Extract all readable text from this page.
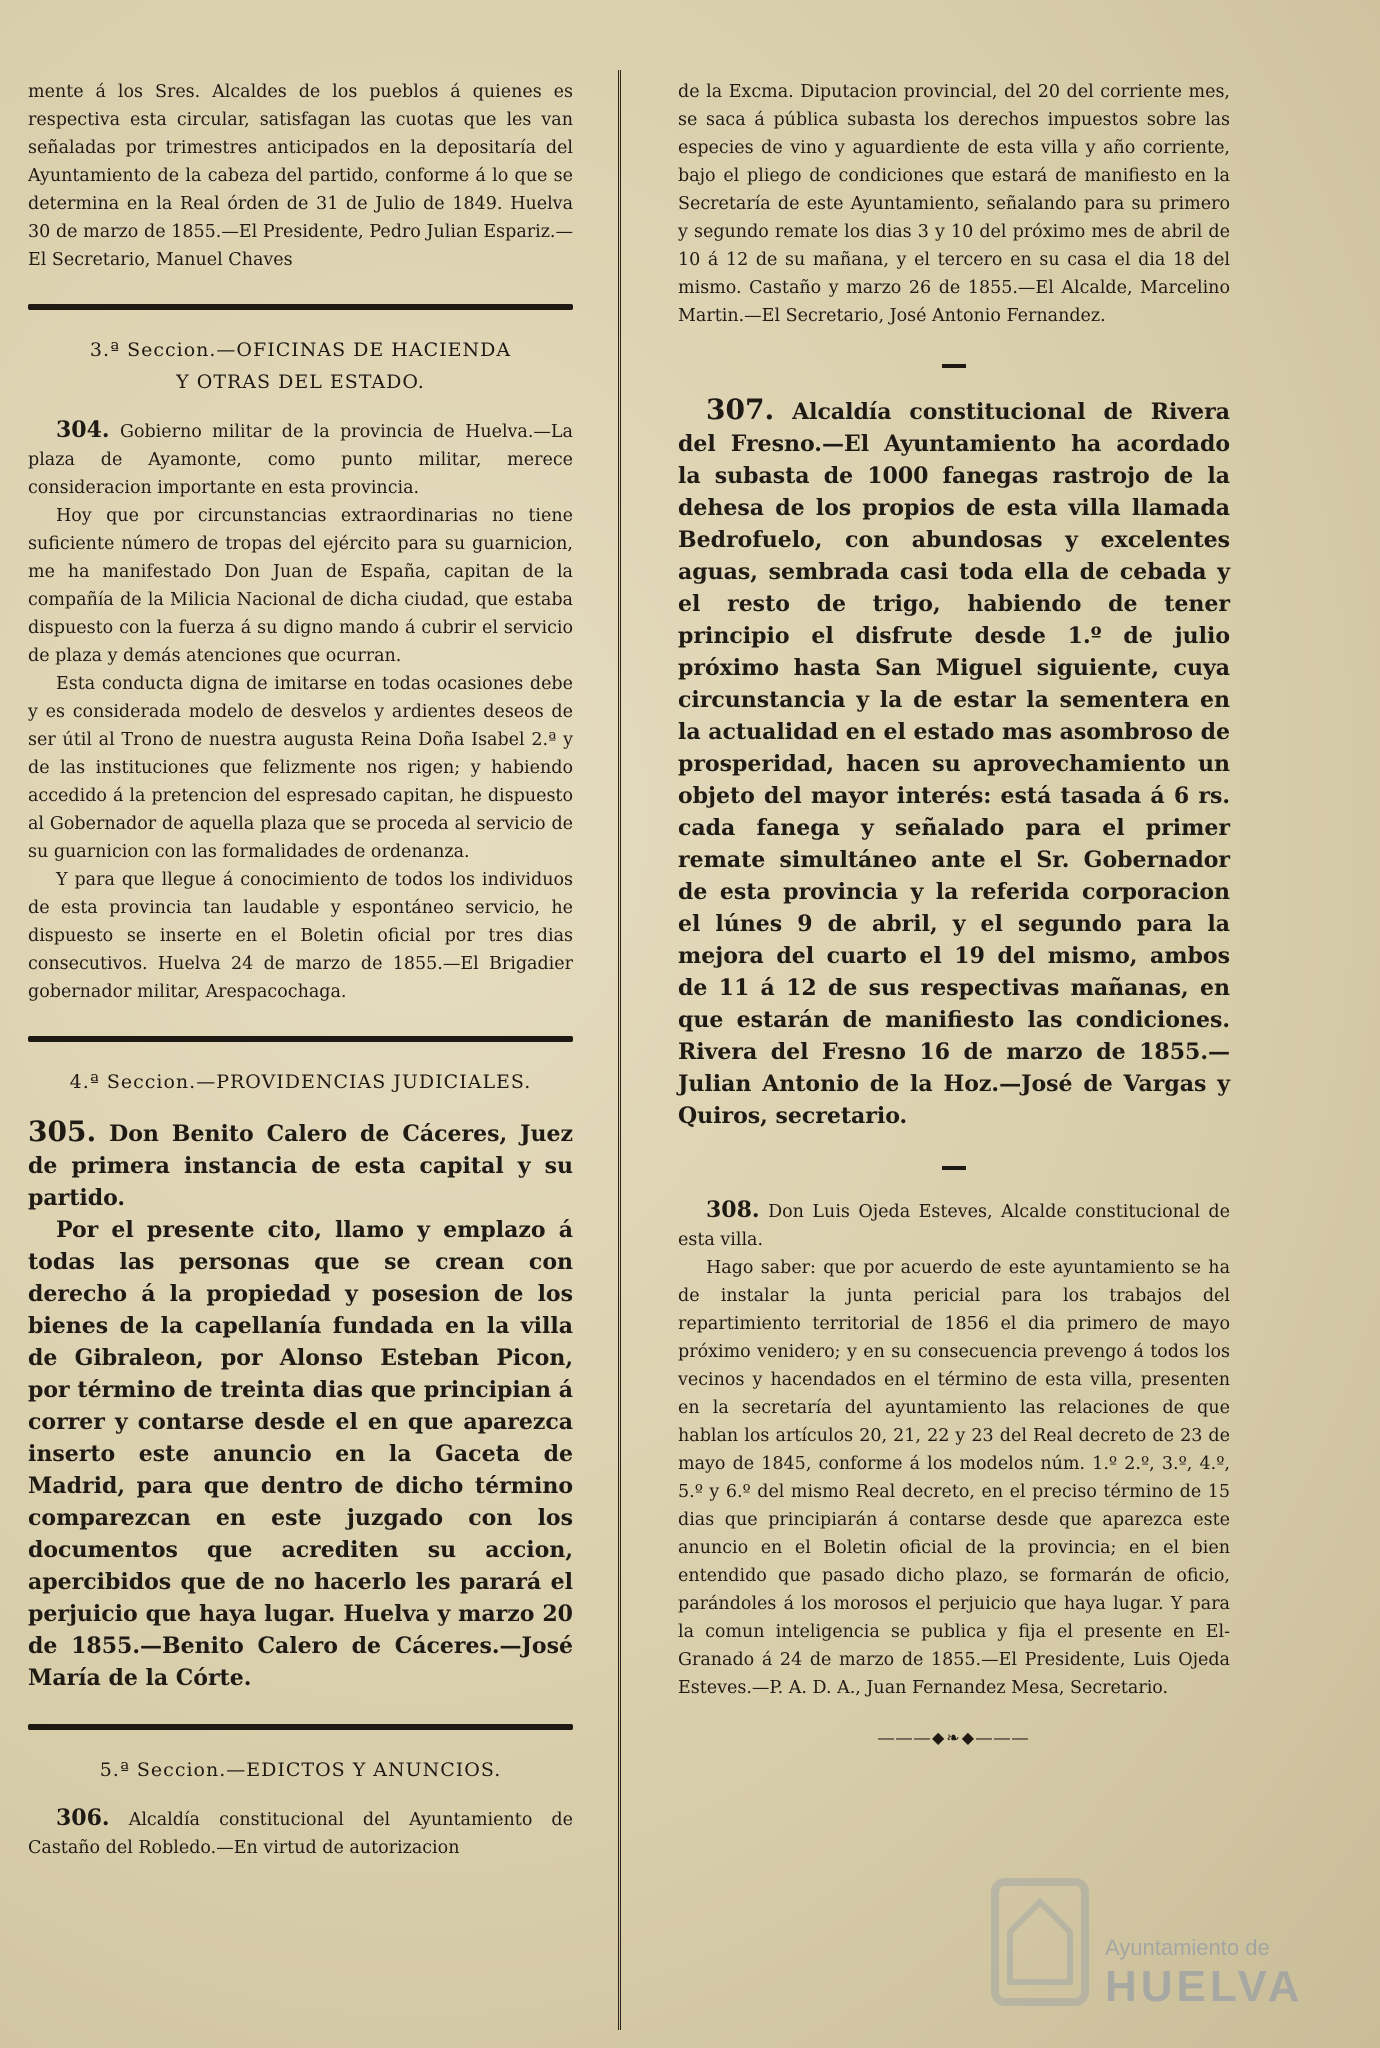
mente á los Sres. Alcaldes de los pueblos á quienes es respectiva esta circular, satisfagan las cuotas que les van señaladas por trimestres anticipados en la depositaría del Ayuntamiento de la cabeza del partido, conforme á lo que se determina en la Real órden de 31 de Julio de 1849. Huelva 30 de marzo de 1855.—El Presidente, Pedro Julian Espariz.—El Secretario, Manuel Chaves

3.ª Seccion.—OFICINAS DE HACIENDA
Y OTRAS DEL ESTADO.

304. Gobierno militar de la provincia de Huelva.—La plaza de Ayamonte, como punto militar, merece consideracion importante en esta provincia.

Hoy que por circunstancias extraordinarias no tiene suficiente número de tropas del ejército para su guarnicion, me ha manifestado Don Juan de España, capitan de la compañía de la Milicia Nacional de dicha ciudad, que estaba dispuesto con la fuerza á su digno mando á cubrir el servicio de plaza y demás atenciones que ocurran.

Esta conducta digna de imitarse en todas ocasiones debe y es considerada modelo de desvelos y ardientes deseos de ser útil al Trono de nuestra augusta Reina Doña Isabel 2.ª y de las instituciones que felizmente nos rigen; y habiendo accedido á la pretencion del espresado capitan, he dispuesto al Gobernador de aquella plaza que se proceda al servicio de su guarnicion con las formalidades de ordenanza.

Y para que llegue á conocimiento de todos los individuos de esta provincia tan laudable y espontáneo servicio, he dispuesto se inserte en el Boletin oficial por tres dias consecutivos. Huelva 24 de marzo de 1855.—El Brigadier gobernador militar, Arespacochaga.

4.ª Seccion.—PROVIDENCIAS JUDICIALES.

305. Don Benito Calero de Cáceres, Juez de primera instancia de esta capital y su partido.

Por el presente cito, llamo y emplazo á todas las personas que se crean con derecho á la propiedad y posesion de los bienes de la capellanía fundada en la villa de Gibraleon, por Alonso Esteban Picon, por término de treinta dias que principian á correr y contarse desde el en que aparezca inserto este anuncio en la Gaceta de Madrid, para que dentro de dicho término comparezcan en este juzgado con los documentos que acrediten su accion, apercibidos que de no hacerlo les parará el perjuicio que haya lugar. Huelva y marzo 20 de 1855.—Benito Calero de Cáceres.—José María de la Córte.

5.ª Seccion.—EDICTOS Y ANUNCIOS.

306. Alcaldía constitucional del Ayuntamiento de Castaño del Robledo.—En virtud de autorizacion

de la Excma. Diputacion provincial, del 20 del corriente mes, se saca á pública subasta los derechos impuestos sobre las especies de vino y aguardiente de esta villa y año corriente, bajo el pliego de condiciones que estará de manifiesto en la Secretaría de este Ayuntamiento, señalando para su primero y segundo remate los dias 3 y 10 del próximo mes de abril de 10 á 12 de su mañana, y el tercero en su casa el dia 18 del mismo. Castaño y marzo 26 de 1855.—El Alcalde, Marcelino Martin.—El Secretario, José Antonio Fernandez.

307. Alcaldía constitucional de Rivera del Fresno.—El Ayuntamiento ha acordado la subasta de 1000 fanegas rastrojo de la dehesa de los propios de esta villa llamada Bedrofuelo, con abundosas y excelentes aguas, sembrada casi toda ella de cebada y el resto de trigo, habiendo de tener principio el disfrute desde 1.º de julio próximo hasta San Miguel siguiente, cuya circunstancia y la de estar la sementera en la actualidad en el estado mas asombroso de prosperidad, hacen su aprovechamiento un objeto del mayor interés: está tasada á 6 rs. cada fanega y señalado para el primer remate simultáneo ante el Sr. Gobernador de esta provincia y la referida corporacion el lúnes 9 de abril, y el segundo para la mejora del cuarto el 19 del mismo, ambos de 11 á 12 de sus respectivas mañanas, en que estarán de manifiesto las condiciones. Rivera del Fresno 16 de marzo de 1855.—Julian Antonio de la Hoz.—José de Vargas y Quiros, secretario.

308. Don Luis Ojeda Esteves, Alcalde constitucional de esta villa.

Hago saber: que por acuerdo de este ayuntamiento se ha de instalar la junta pericial para los trabajos del repartimiento territorial de 1856 el dia primero de mayo próximo venidero; y en su consecuencia prevengo á todos los vecinos y hacendados en el término de esta villa, presenten en la secretaría del ayuntamiento las relaciones de que hablan los artículos 20, 21, 22 y 23 del Real decreto de 23 de mayo de 1845, conforme á los modelos núm. 1.º 2.º, 3.º, 4.º, 5.º y 6.º del mismo Real decreto, en el preciso término de 15 dias que principiarán á contarse desde que aparezca este anuncio en el Boletin oficial de la provincia; en el bien entendido que pasado dicho plazo, se formarán de oficio, parándoles á los morosos el perjuicio que haya lugar. Y para la comun inteligencia se publica y fija el presente en El-Granado á 24 de marzo de 1855.—El Presidente, Luis Ojeda Esteves.—P. A. D. A., Juan Fernandez Mesa, Secretario.

―――◆❧◆―――
Ayuntamiento de
HUELVA
